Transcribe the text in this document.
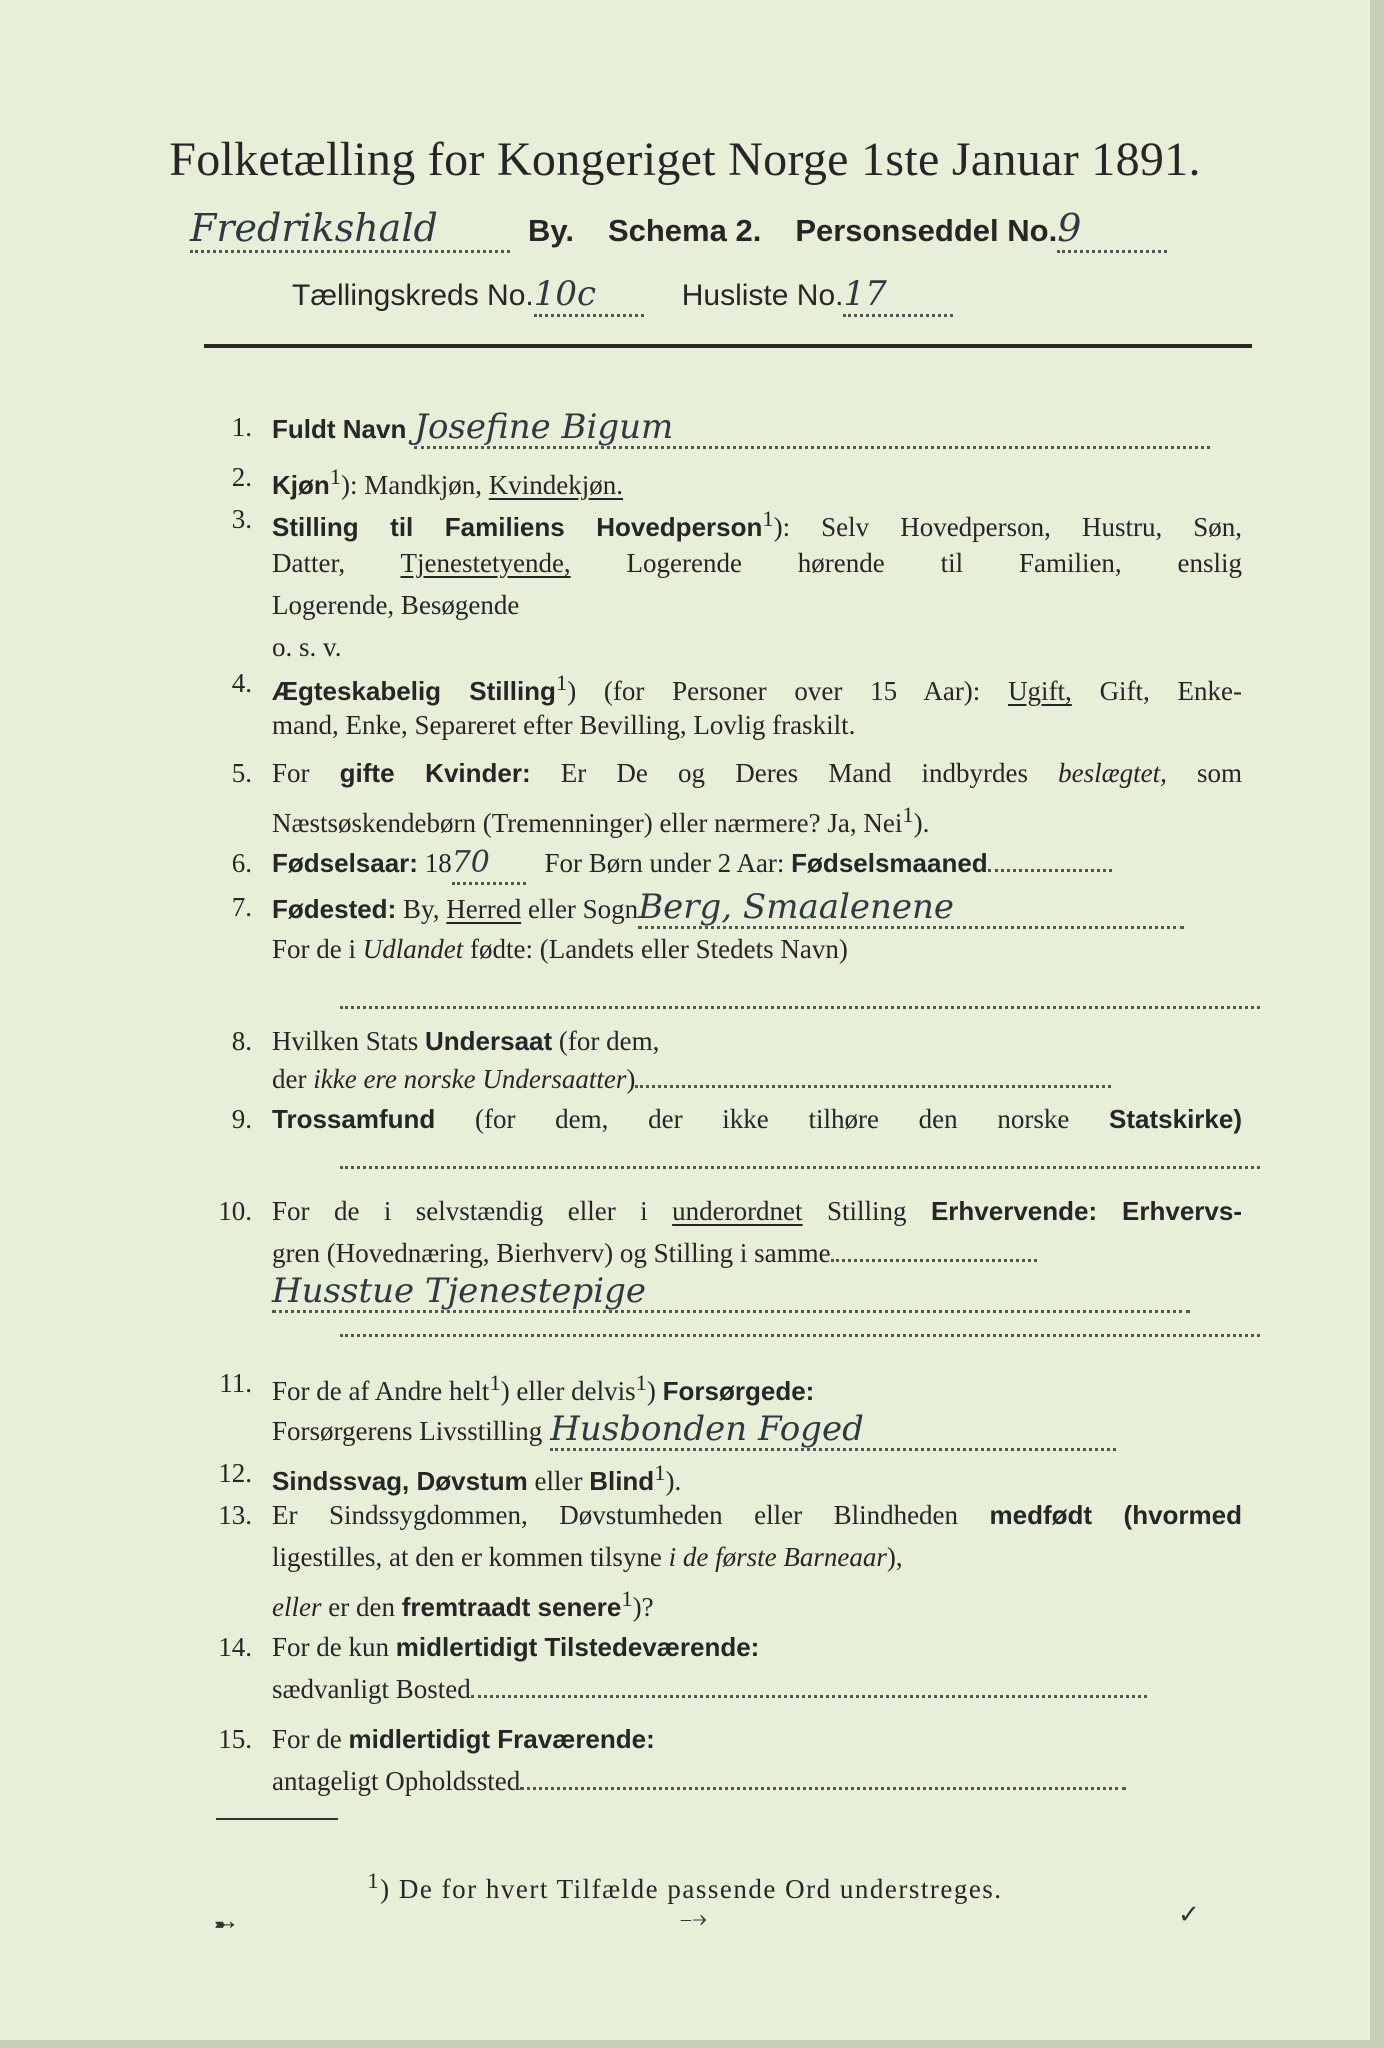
Folketælling for Kongeriget Norge 1ste Januar 1891.
Fredrikshald	By. Schema 2. Personseddel No.9
Tællingskreds No.10c	Husliste No.17
1. Fuldt Navn Josefine Bigum
2. Kjøn$^1$): Mandkjøn, Kvindekjøn.
3. Stilling til Familiens Hovedperson$^1$): Selv Hovedperson, Hustru, Søn,
Datter, Tjenestetyende, Logerende hørende til Familien, enslig
Logerende, Besøgende
o. s. v.
4. Ægteskabelig Stilling$^1$) (for Personer over 15 Aar): Ugift, Gift, Enke-
mand, Enke, Separeret efter Bevilling, Lovlig fraskilt.
5. For gifte Kvinder: Er De og Deres Mand indbyrdes beslægtet, som
Næstsøskendebørn (Tremenninger) eller nærmere? Ja, Nei$^1$).
6. Fødselsaar: 1870 For Børn under 2 Aar: Fødselsmaaned
7. Fødested: By, Herred eller SognBerg, Smaalenene
For de i Udlandet fødte: (Landets eller Stedets Navn)
8. Hvilken Stats Undersaat (for dem,
der ikke ere norske Undersaatter)
9. Trossamfund (for dem, der ikke tilhøre den norske Statskirke)
10. For de i selvstændig eller i underordnet Stilling Erhvervende: Erhvervs-
gren (Hovednæring, Bierhverv) og Stilling i samme
Husstue Tjenestepige
11. For de af Andre helt$^1$) eller delvis$^1$) Forsørgede:
Forsørgerens Livsstilling Husbonden Foged
12. Sindssvag, Døvstum eller Blind$^1$).
13. Er Sindssygdommen, Døvstumheden eller Blindheden medfødt (hvormed
ligestilles, at den er kommen tilsyne i de første Barneaar),
eller er den fremtraadt senere$^1$)?
14. For de kun midlertidigt Tilstedeværende:
sædvanligt Bosted
15. For de midlertidigt Fraværende:
antageligt Opholdssted
$^1$) De for hvert Tilfælde passende Ord understreges.
➸	⤍	✓
